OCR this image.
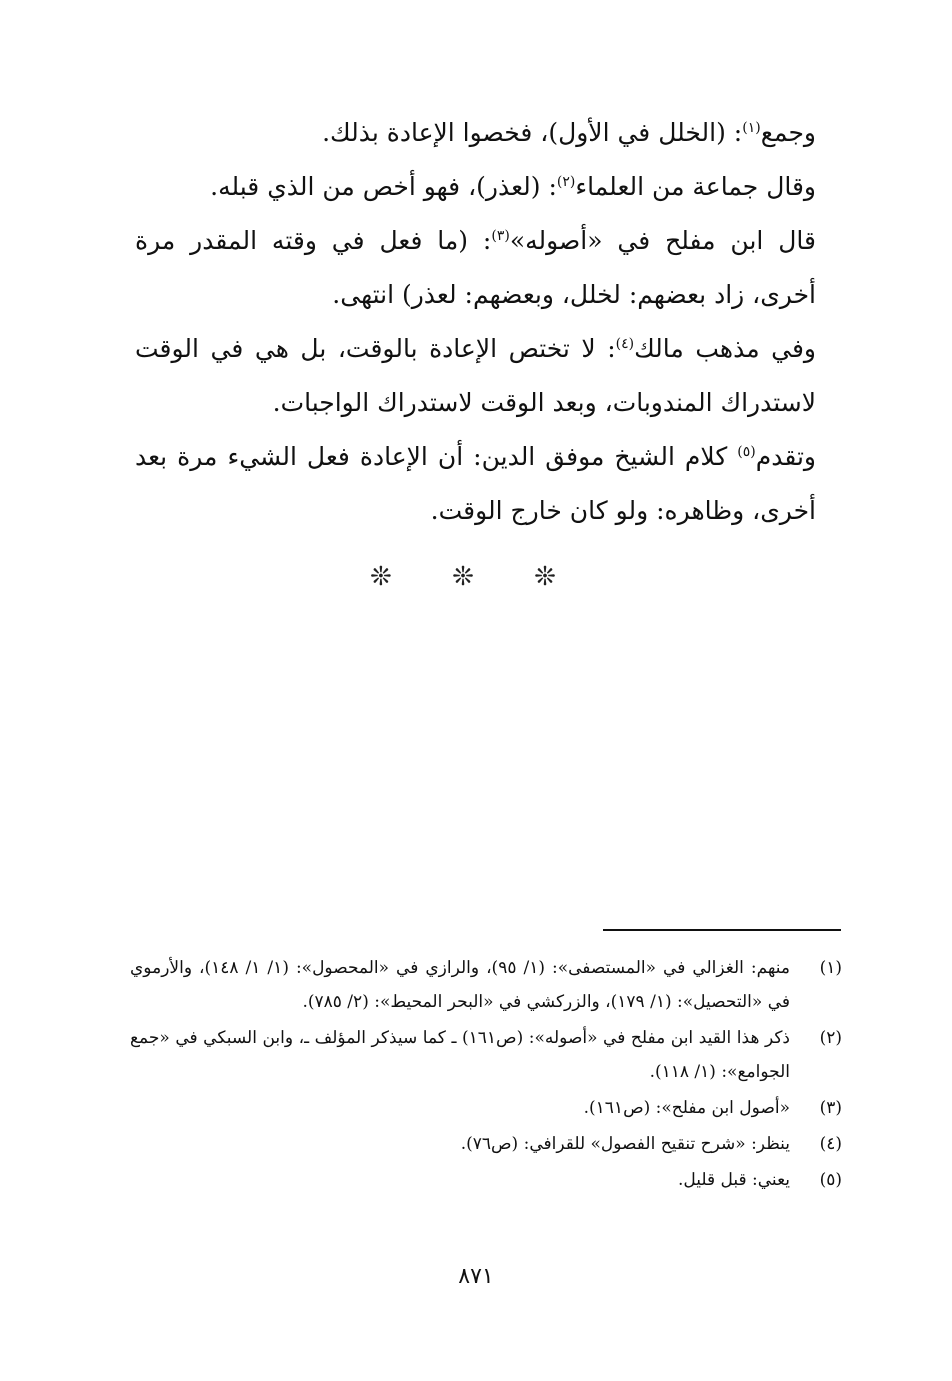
وجمع$^{(١)}$: (الخلل في الأول)، فخصوا الإعادة بذلك.

وقال جماعة من العلماء$^{(٢)}$: (لعذر)، فهو أخص من الذي قبله.

قال ابن مفلح في «أصوله»$^{(٣)}$: (ما فعل في وقته المقدر مرة أخرى، زاد بعضهم: لخلل، وبعضهم: لعذر) انتهى.

وفي مذهب مالك$^{(٤)}$: لا تختص الإعادة بالوقت، بل هي في الوقت لاستدراك المندوبات، وبعد الوقت لاستدراك الواجبات.

وتقدم$^{(٥)}$ كلام الشيخ موفق الدين: أن الإعادة فعل الشيء مرة بعد أخرى، وظاهره: ولو كان خارج الوقت.

❊ ❊ ❊

(١)
منهم: الغزالي في «المستصفى»: (١/ ٩٥)، والرازي في «المحصول»: (١/ ١/ ١٤٨)، والأرموي في «التحصيل»: (١/ ١٧٩)، والزركشي في «البحر المحيط»: (٢/ ٧٨٥).

(٢)
ذكر هذا القيد ابن مفلح في «أصوله»: (ص١٦١) ـ كما سيذكر المؤلف ـ، وابن السبكي في «جمع الجوامع»: (١/ ١١٨).

(٣)
«أصول ابن مفلح»: (ص١٦١).

(٤)
ينظر: «شرح تنقيح الفصول» للقرافي: (ص٧٦).

(٥)
يعني: قبل قليل.

٨٧١
